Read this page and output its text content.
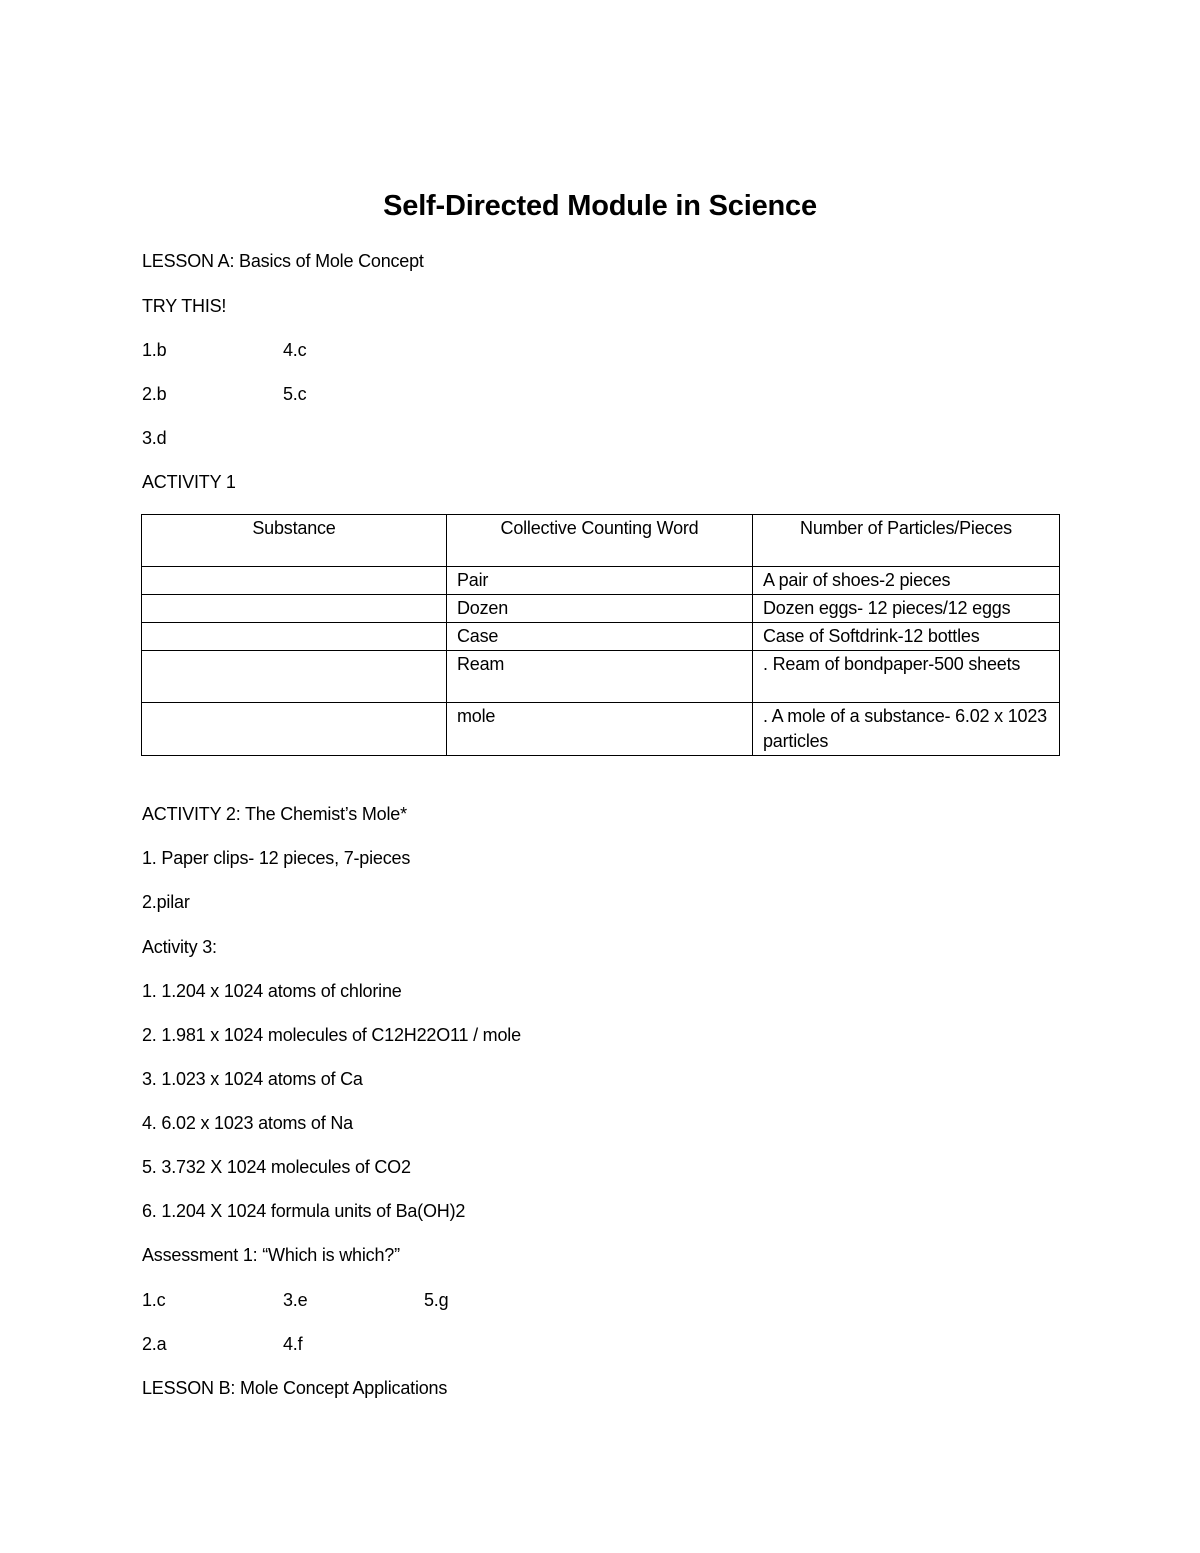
Self-Directed Module in Science
LESSON A: Basics of Mole Concept
TRY THIS!
1.b	4.c
2.b	5.c
3.d
ACTIVITY 1
Substance	Collective Counting Word	Number of Particles/Pieces
	Pair	A pair of shoes-2 pieces
	Dozen	Dozen eggs- 12 pieces/12 eggs
	Case	Case of Softdrink-12 bottles
	Ream	. Ream of bondpaper-500 sheets
	mole	. A mole of a substance- 6.02 x 1023 particles
ACTIVITY 2: The Chemist’s Mole*
1. Paper clips- 12 pieces, 7-pieces
2.pilar
Activity 3:
1. 1.204 x 1024 atoms of chlorine
2. 1.981 x 1024 molecules of C12H22O11 / mole
3. 1.023 x 1024 atoms of Ca
4. 6.02 x 1023 atoms of Na
5. 3.732 X 1024 molecules of CO2
6. 1.204 X 1024 formula units of Ba(OH)2
Assessment 1: “Which is which?”
1.c	3.e	5.g
2.a	4.f
LESSON B: Mole Concept Applications
